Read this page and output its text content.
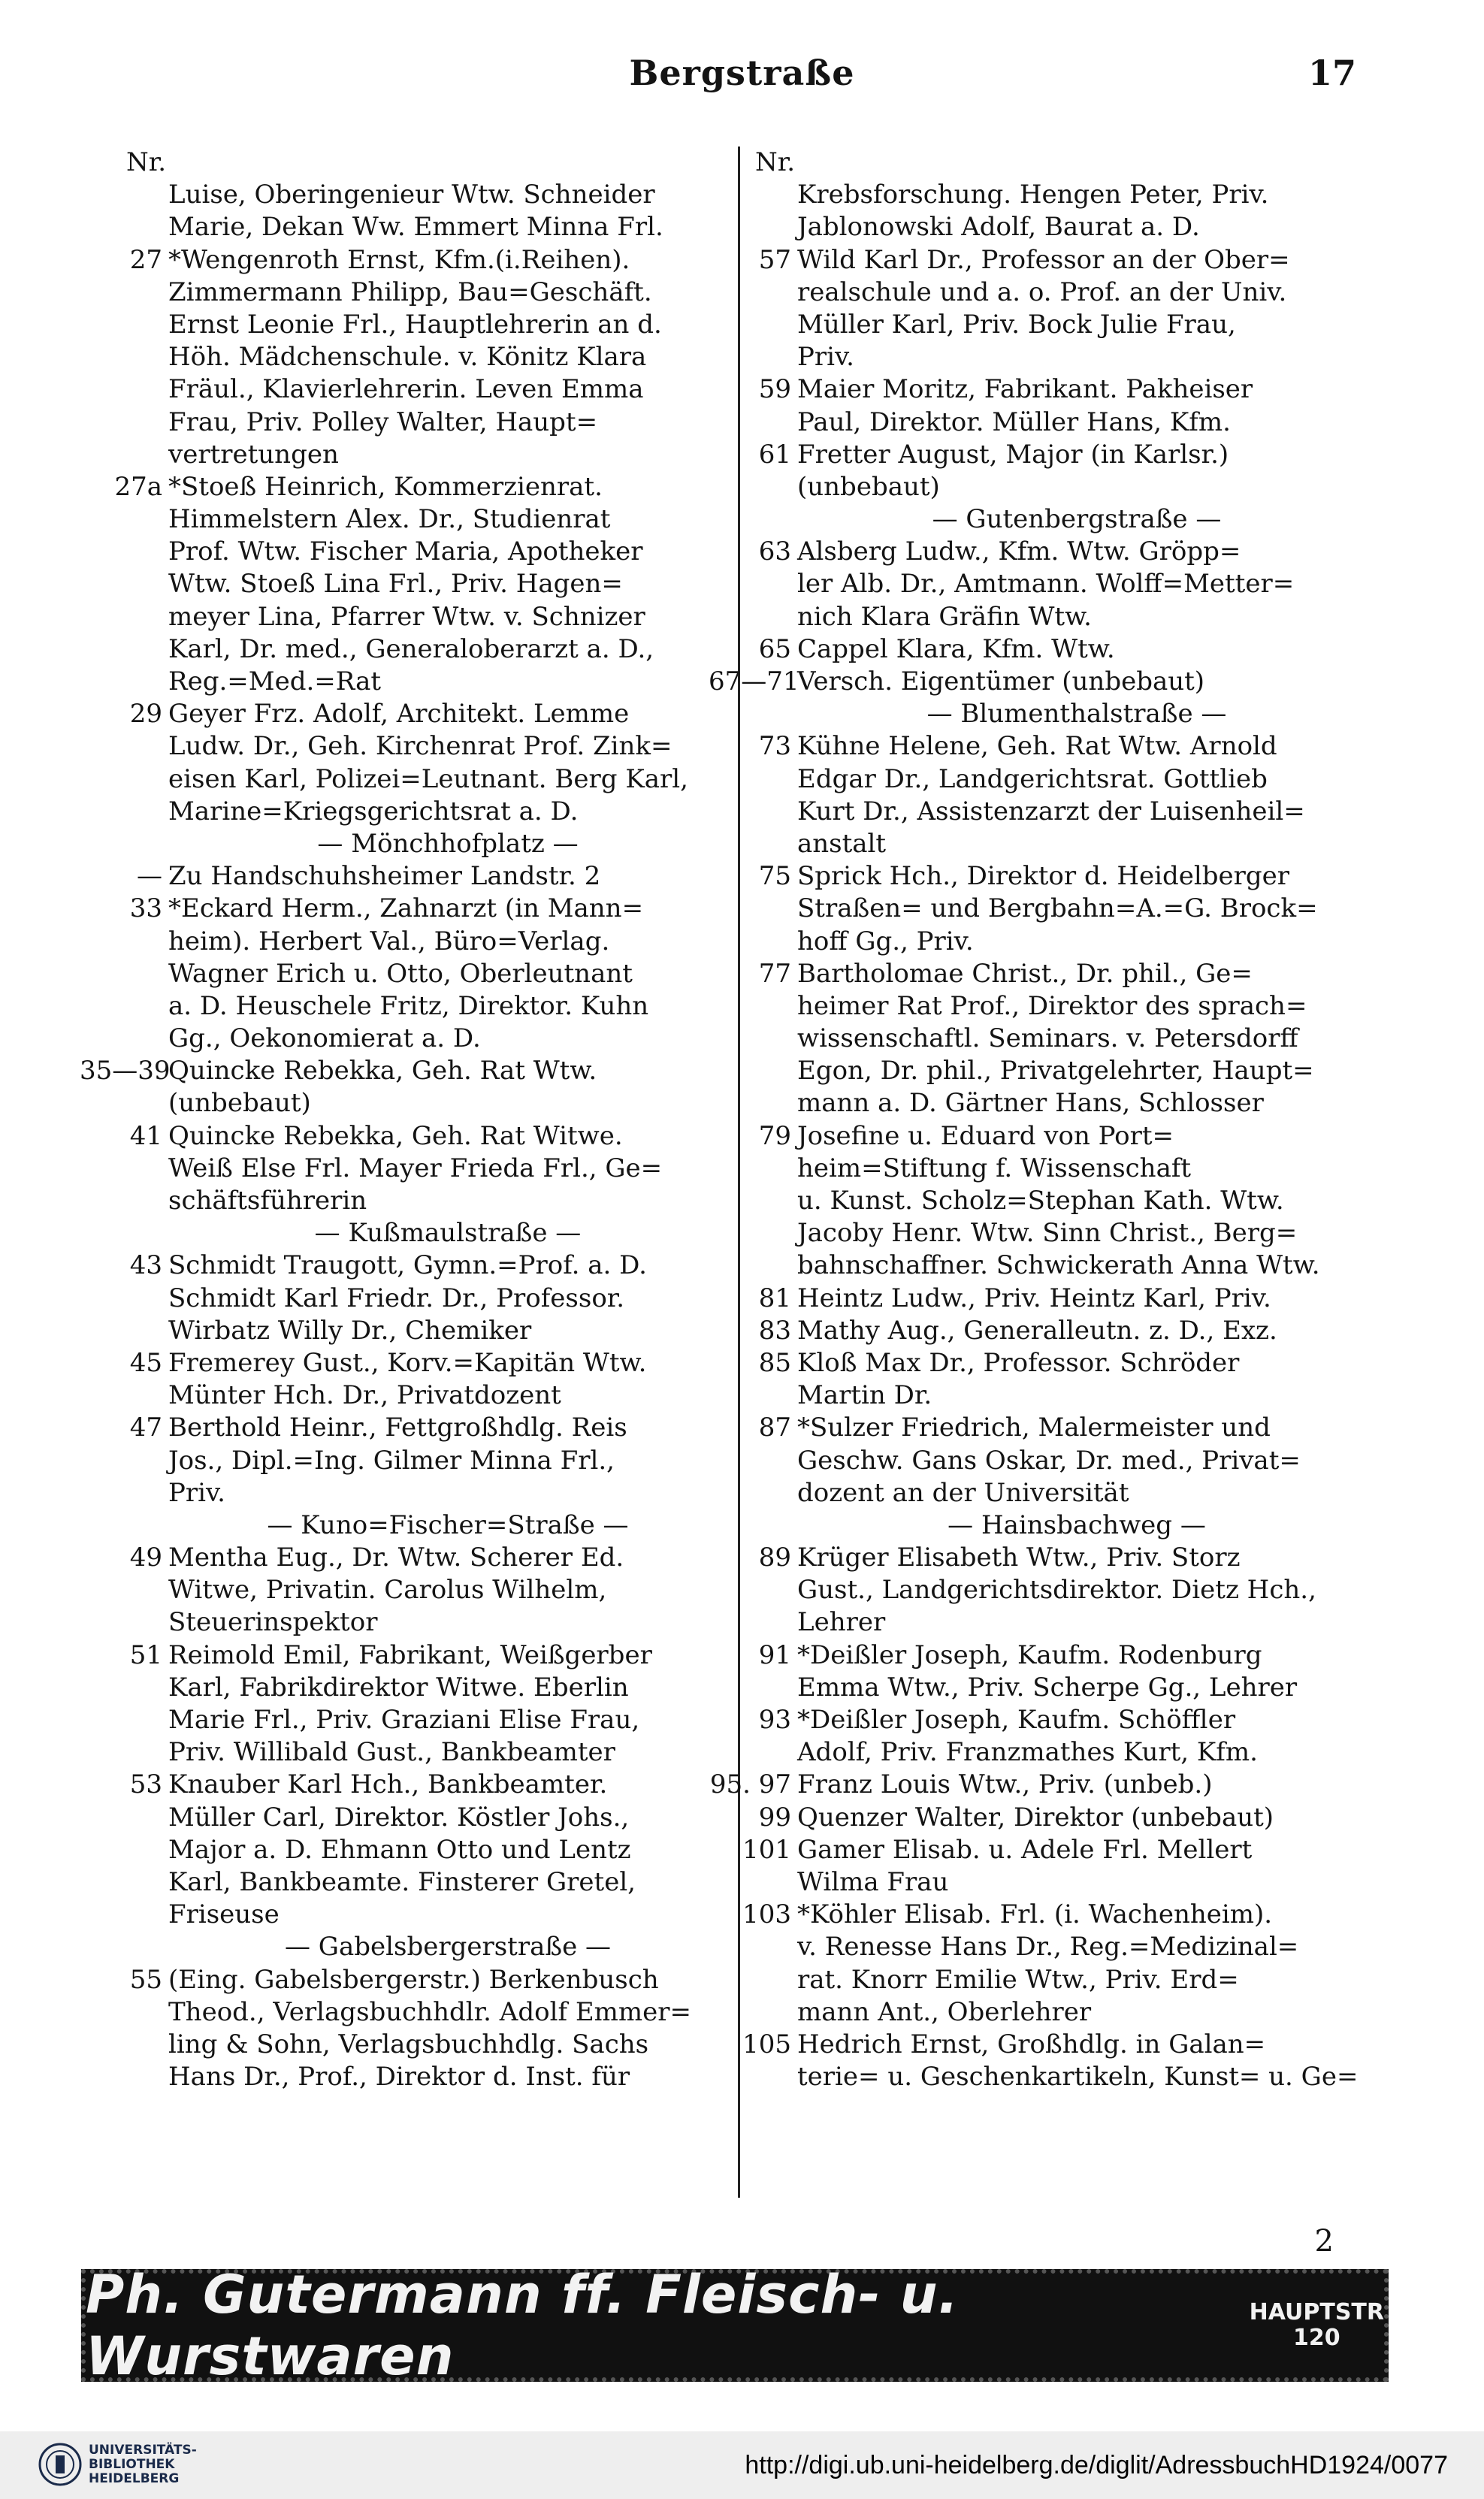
Bergstraße	17
Nr.
Luise, Oberingenieur Wtw. Schneider
Marie, Dekan Ww. Emmert Minna Frl.
27 *Wengenroth Ernst, Kfm.(i.Reihen).
Zimmermann Philipp, Bau=Geschäft.
Ernst Leonie Frl., Hauptlehrerin an d.
Höh. Mädchenschule. v. Könitz Klara
Fräul., Klavierlehrerin. Leven Emma
Frau, Priv. Polley Walter, Haupt=
vertretungen
27a *Stoeß Heinrich, Kommerzienrat.
Himmelstern Alex. Dr., Studienrat
Prof. Wtw. Fischer Maria, Apotheker
Wtw. Stoeß Lina Frl., Priv. Hagen=
meyer Lina, Pfarrer Wtw. v. Schnizer
Karl, Dr. med., Generaloberarzt a. D.,
Reg.=Med.=Rat
29 Geyer Frz. Adolf, Architekt. Lemme
Ludw. Dr., Geh. Kirchenrat Prof. Zink=
eisen Karl, Polizei=Leutnant. Berg Karl,
Marine=Kriegsgerichtsrat a. D.
— Mönchhofplatz —
— Zu Handschuhsheimer Landstr. 2
33 *Eckard Herm., Zahnarzt (in Mann=
heim). Herbert Val., Büro=Verlag.
Wagner Erich u. Otto, Oberleutnant
a. D. Heuschele Fritz, Direktor. Kuhn
Gg., Oekonomierat a. D.
35—39
Quincke Rebekka, Geh. Rat Wtw.
(unbebaut)
41 Quincke Rebekka, Geh. Rat Witwe.
Weiß Else Frl. Mayer Frieda Frl., Ge=
schäftsführerin
— Kußmaulstraße —
43 Schmidt Traugott, Gymn.=Prof. a. D.
Schmidt Karl Friedr. Dr., Professor.
Wirbatz Willy Dr., Chemiker
45 Fremerey Gust., Korv.=Kapitän Wtw.
Münter Hch. Dr., Privatdozent
47 Berthold Heinr., Fettgroßhdlg. Reis
Jos., Dipl.=Ing. Gilmer Minna Frl.,
Priv.
— Kuno=Fischer=Straße —
49 Mentha Eug., Dr. Wtw. Scherer Ed.
Witwe, Privatin. Carolus Wilhelm,
Steuerinspektor
51 Reimold Emil, Fabrikant, Weißgerber
Karl, Fabrikdirektor Witwe. Eberlin
Marie Frl., Priv. Graziani Elise Frau,
Priv. Willibald Gust., Bankbeamter
53 Knauber Karl Hch., Bankbeamter.
Müller Carl, Direktor. Köstler Johs.,
Major a. D. Ehmann Otto und Lentz
Karl, Bankbeamte. Finsterer Gretel,
Friseuse
— Gabelsbergerstraße —
55 (Eing. Gabelsbergerstr.) Berkenbusch
Theod., Verlagsbuchhdlr. Adolf Emmer=
ling & Sohn, Verlagsbuchhdlg. Sachs
Hans Dr., Prof., Direktor d. Inst. für
Nr.
Krebsforschung. Hengen Peter, Priv.
Jablonowski Adolf, Baurat a. D.
57 Wild Karl Dr., Professor an der Ober=
realschule und a. o. Prof. an der Univ.
Müller Karl, Priv. Bock Julie Frau,
Priv.
59 Maier Moritz, Fabrikant. Pakheiser
Paul, Direktor. Müller Hans, Kfm.
61 Fretter August, Major (in Karlsr.)
(unbebaut)
— Gutenbergstraße —
63 Alsberg Ludw., Kfm. Wtw. Gröpp=
ler Alb. Dr., Amtmann. Wolff=Metter=
nich Klara Gräfin Wtw.
65 Cappel Klara, Kfm. Wtw.
67—71
Versch. Eigentümer (unbebaut)
— Blumenthalstraße —
73 Kühne Helene, Geh. Rat Wtw. Arnold
Edgar Dr., Landgerichtsrat. Gottlieb
Kurt Dr., Assistenzarzt der Luisenheil=
anstalt
75 Sprick Hch., Direktor d. Heidelberger
Straßen= und Bergbahn=A.=G. Brock=
hoff Gg., Priv.
77 Bartholomae Christ., Dr. phil., Ge=
heimer Rat Prof., Direktor des sprach=
wissenschaftl. Seminars. v. Petersdorff
Egon, Dr. phil., Privatgelehrter, Haupt=
mann a. D. Gärtner Hans, Schlosser
79 Josefine u. Eduard von Port=
heim=Stiftung f. Wissenschaft
u. Kunst. Scholz=Stephan Kath. Wtw.
Jacoby Henr. Wtw. Sinn Christ., Berg=
bahnschaffner. Schwickerath Anna Wtw.
81 Heintz Ludw., Priv. Heintz Karl, Priv.
83 Mathy Aug., Generalleutn. z. D., Exz.
85 Kloß Max Dr., Professor. Schröder
Martin Dr.
87 *Sulzer Friedrich, Malermeister und
Geschw. Gans Oskar, Dr. med., Privat=
dozent an der Universität
— Hainsbachweg —
89 Krüger Elisabeth Wtw., Priv. Storz
Gust., Landgerichtsdirektor. Dietz Hch.,
Lehrer
91 *Deißler Joseph, Kaufm. Rodenburg
Emma Wtw., Priv. Scherpe Gg., Lehrer
93 *Deißler Joseph, Kaufm. Schöffler
Adolf, Priv. Franzmathes Kurt, Kfm.
95. 97 Franz Louis Wtw., Priv. (unbeb.)
99 Quenzer Walter, Direktor (unbebaut)
101 Gamer Elisab. u. Adele Frl. Mellert
Wilma Frau
103 *Köhler Elisab. Frl. (i. Wachenheim).
v. Renesse Hans Dr., Reg.=Medizinal=
rat. Knorr Emilie Wtw., Priv. Erd=
mann Ant., Oberlehrer
105 Hedrich Ernst, Großhdlg. in Galan=
terie= u. Geschenkartikeln, Kunst= u. Ge=
2
Ph. Gutermann ff. Fleisch- u. Wurstwaren
HAUPTSTR
120
UNIVERSITÄTS-
BIBLIOTHEK
HEIDELBERG	http://digi.ub.uni-heidelberg.de/diglit/AdressbuchHD1924/0077
